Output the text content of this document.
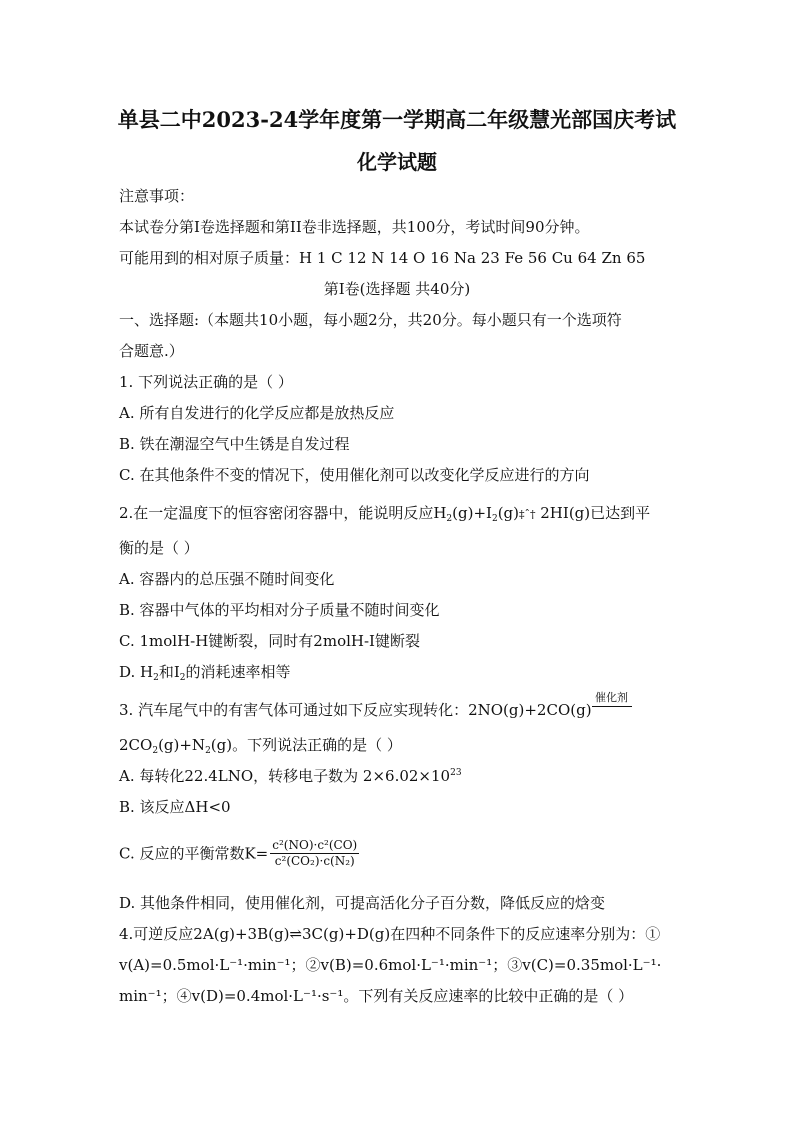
单县二中2023-24学年度第一学期高二年级慧光部国庆考试
化学试题
注意事项：
本试卷分第Ⅰ卷选择题和第II卷非选择题，共100分，考试时间90分钟。
可能用到的相对原子质量：H 1 C 12 N 14 O 16 Na 23 Fe 56 Cu 64 Zn 65
第Ⅰ卷(选择题 共40分)
一、选择题:（本题共10小题，每小题2分，共20分。每小题只有一个选项符
合题意.）
1. 下列说法正确的是（ ）
A. 所有自发进行的化学反应都是放热反应
B. 铁在潮湿空气中生锈是自发过程
C. 在其他条件不变的情况下，使用催化剂可以改变化学反应进行的方向
2.在一定温度下的恒容密闭容器中，能说明反应$H_2(g)+I_2(g)\ddagger ˆ\dagger$ 2HI(g)已达到平
衡的是（ ）
A. 容器内的总压强不随时间变化
B. 容器中气体的平均相对分子质量不随时间变化
C. 1molH-H键断裂，同时有2molH-I键断裂
D. $H_2$和$I_2$的消耗速率相等
3. 汽车尾气中的有害气体可通过如下反应实现转化：2NO(g)+2CO(g)
催化剂
$2CO_2(g)+N_2(g)$。下列说法正确的是（ ）
A. 每转化22.4LNO，转移电子数为 $2\times 6.02\times 10^{23}$
B. 该反应ΔH<0
C. 反应的平衡常数$K= \frac{\text{c²(NO)·c²(CO)}}{\text{c²(CO₂)·c(N₂)}}$
D. 其他条件相同，使用催化剂，可提高活化分子百分数，降低反应的焓变
4.可逆反应2A(g)+3B(g)⇌3C(g)+D(g)在四种不同条件下的反应速率分别为：①
v(A)=0.5mol·L⁻¹·min⁻¹；②v(B)=0.6mol·L⁻¹·min⁻¹；③v(C)=0.35mol·L⁻¹·
min⁻¹；④v(D)=0.4mol·L⁻¹·s⁻¹。下列有关反应速率的比较中正确的是（ ）
